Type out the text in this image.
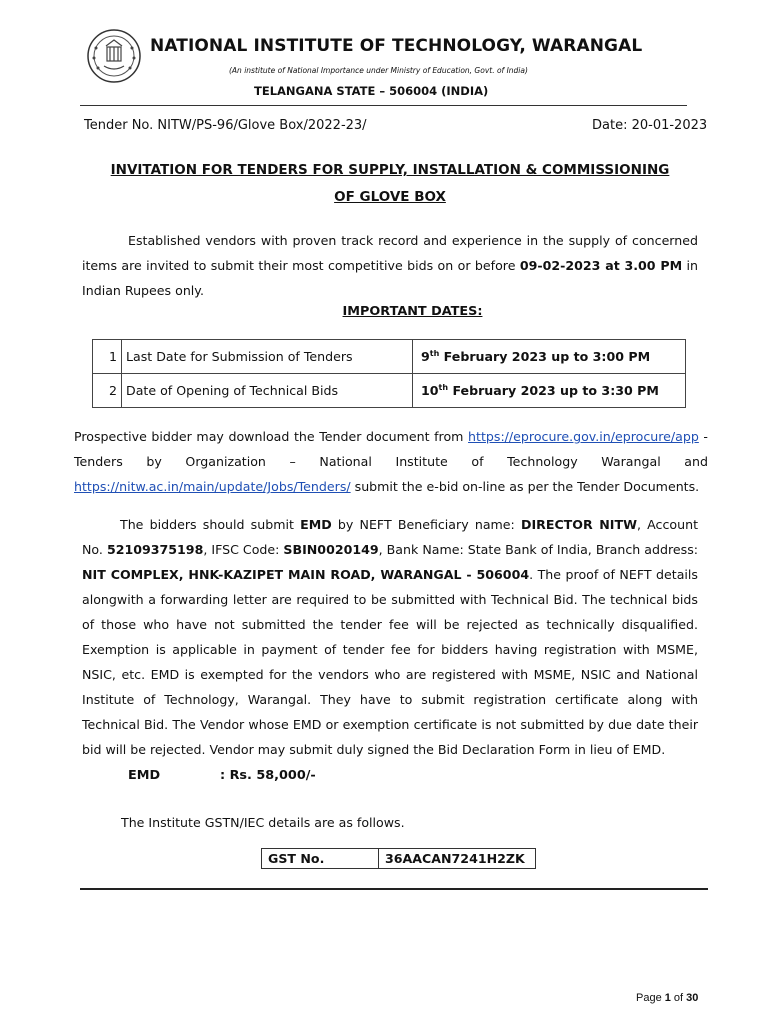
NATIONAL INSTITUTE OF TECHNOLOGY, WARANGAL
(An institute of National Importance under Ministry of Education, Govt. of India)
TELANGANA STATE – 506004 (INDIA)
Tender No. NITW/PS-96/Glove Box/2022-23/	Date: 20-01-2023
INVITATION FOR TENDERS FOR SUPPLY, INSTALLATION & COMMISSIONING
OF GLOVE BOX
Established vendors with proven track record and experience in the supply of concerned items are invited to submit their most competitive bids on or before 09-02-2023 at 3.00 PM in Indian Rupees only.
IMPORTANT DATES:
1	Last Date for Submission of Tenders	9th February 2023 up to 3:00 PM
2	Date of Opening of Technical Bids	10th February 2023 up to 3:30 PM
Prospective bidder may download the Tender document from https://eprocure.gov.in/eprocure/app - Tenders by Organization – National Institute of Technology Warangal and https://nitw.ac.in/main/update/Jobs/Tenders/ submit the e-bid on-line as per the Tender Documents.
The bidders should submit EMD by NEFT Beneficiary name: DIRECTOR NITW, Account No. 52109375198, IFSC Code: SBIN0020149, Bank Name: State Bank of India, Branch address: NIT COMPLEX, HNK-KAZIPET MAIN ROAD, WARANGAL - 506004. The proof of NEFT details alongwith a forwarding letter are required to be submitted with Technical Bid. The technical bids of those who have not submitted the tender fee will be rejected as technically disqualified. Exemption is applicable in payment of tender fee for bidders having registration with MSME, NSIC, etc. EMD is exempted for the vendors who are registered with MSME, NSIC and National Institute of Technology, Warangal. They have to submit registration certificate along with Technical Bid. The Vendor whose EMD or exemption certificate is not submitted by due date their bid will be rejected. Vendor may submit duly signed the Bid Declaration Form in lieu of EMD.
EMD	: Rs. 58,000/-
The Institute GSTN/IEC details are as follows.
GST No.	36AACAN7241H2ZK
Page 1 of 30
